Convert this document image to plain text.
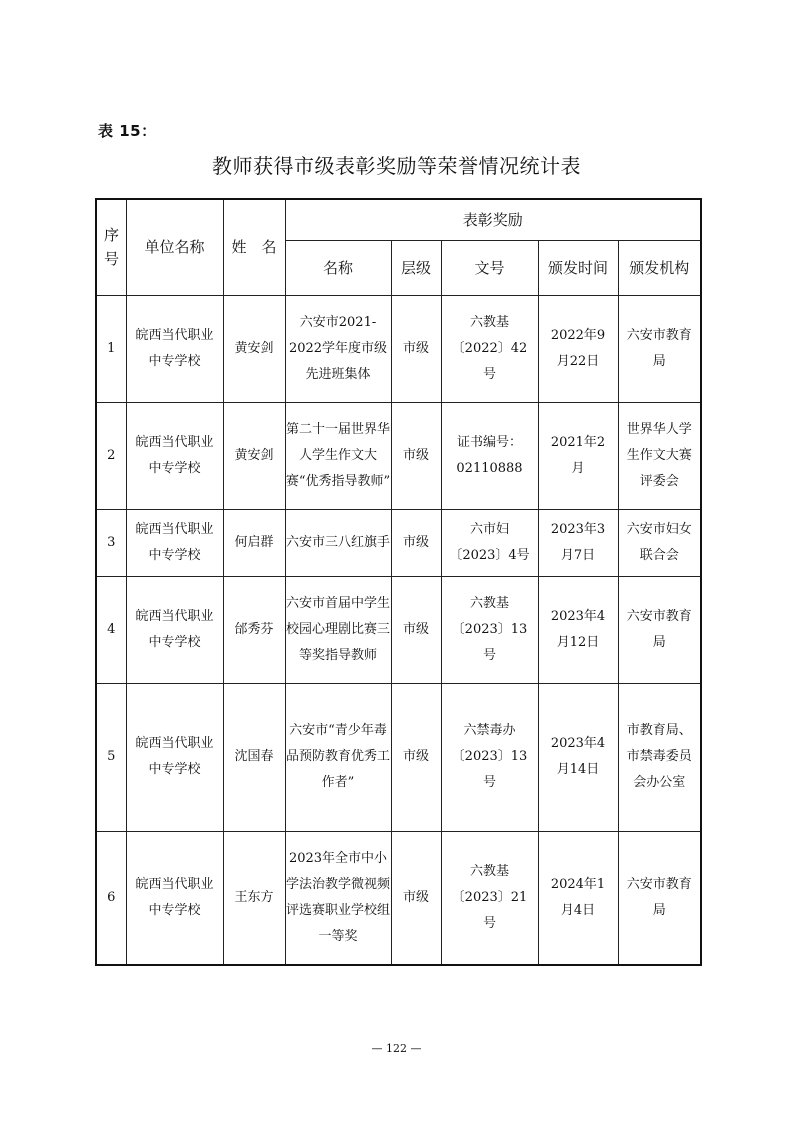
表 15：
教师获得市级表彰奖励等荣誉情况统计表
序号	单位名称	姓　名	表彰奖励				
			名称	层级	文号	颁发时间	颁发机构
1	皖西当代职业中专学校	黄安剑	六安市2021-2022学年度市级先进班集体	市级	六教基〔2022〕42号	2022年9月22日	六安市教育局
2	皖西当代职业中专学校	黄安剑	第二十一届世界华人学生作文大赛“优秀指导教师”	市级	证书编号：02110888	2021年2月	世界华人学生作文大赛评委会
3	皖西当代职业中专学校	何启群	六安市三八红旗手	市级	六市妇〔2023〕4号	2023年3月7日	六安市妇女联合会
4	皖西当代职业中专学校	邰秀芬	六安市首届中学生校园心理剧比赛三等奖指导教师	市级	六教基〔2023〕13号	2023年4月12日	六安市教育局
5	皖西当代职业中专学校	沈国春	六安市“青少年毒品预防教育优秀工作者”	市级	六禁毒办〔2023〕13号	2023年4月14日	市教育局、市禁毒委员会办公室
6	皖西当代职业中专学校	王东方	2023年全市中小学法治教学微视频评选赛职业学校组一等奖	市级	六教基〔2023〕21号	2024年1月4日	六安市教育局
— 122 —
